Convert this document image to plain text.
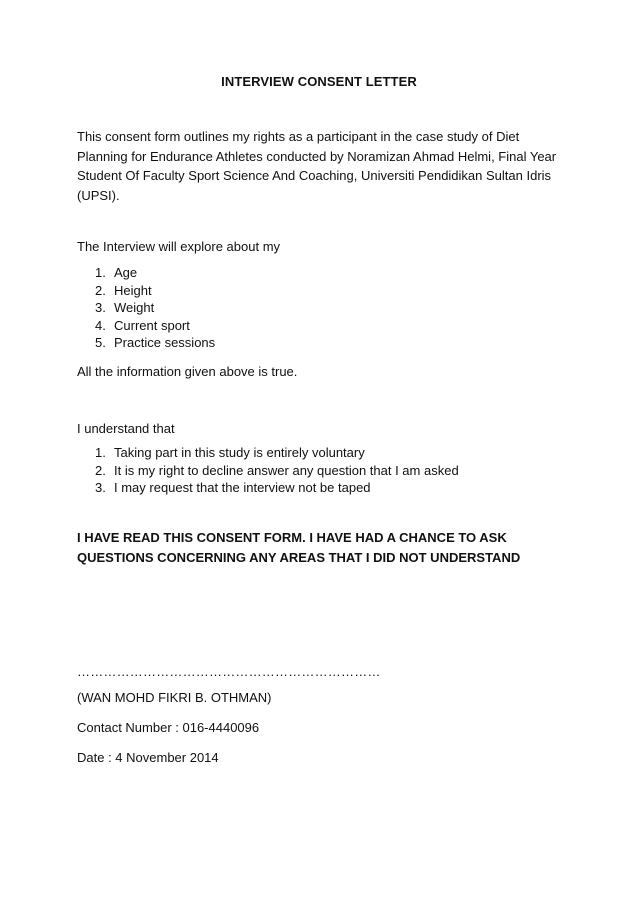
INTERVIEW CONSENT LETTER

This consent form outlines my rights as a participant in the case study of Diet Planning for Endurance Athletes conducted by Noramizan Ahmad Helmi, Final Year Student Of Faculty Sport Science And Coaching, Universiti Pendidikan Sultan Idris (UPSI).

The Interview will explore about my

1. Age
2. Height
3. Weight
4. Current sport
5. Practice sessions

All the information given above is true.

I understand that

1. Taking part in this study is entirely voluntary
2. It is my right to decline answer any question that I am asked
3. I may request that the interview not be taped

I HAVE READ THIS CONSENT FORM. I HAVE HAD A CHANCE TO ASK QUESTIONS CONCERNING ANY AREAS THAT I DID NOT UNDERSTAND

……………………………………………………………

(WAN MOHD FIKRI B. OTHMAN)

Contact Number : 016-4440096

Date : 4 November 2014
